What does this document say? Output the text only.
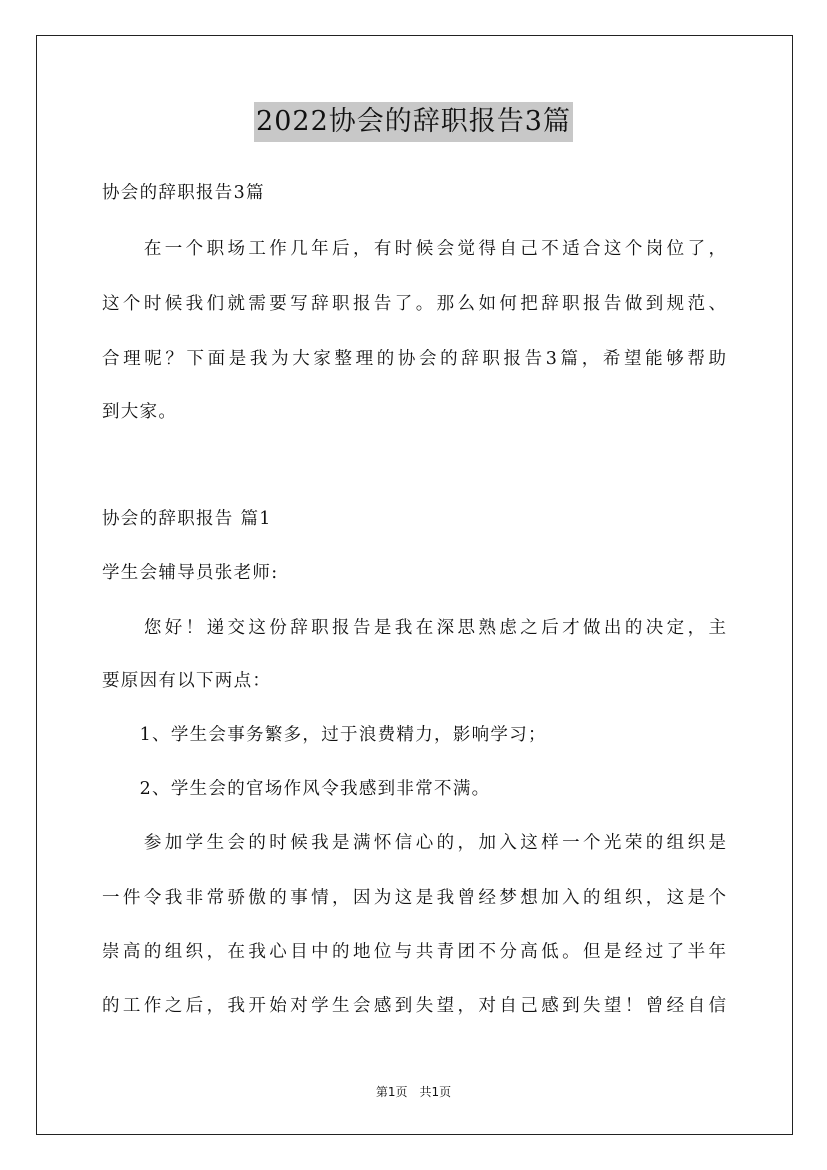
2022协会的辞职报告3篇
协会的辞职报告3篇
　　在一个职场工作几年后，有时候会觉得自己不适合这个岗位了，
这个时候我们就需要写辞职报告了。那么如何把辞职报告做到规范、
合理呢？下面是我为大家整理的协会的辞职报告3篇，希望能够帮助
到大家。
协会的辞职报告 篇1
学生会辅导员张老师:
　　您好！递交这份辞职报告是我在深思熟虑之后才做出的决定，主
要原因有以下两点：
　　1、学生会事务繁多，过于浪费精力，影响学习；
　　2、学生会的官场作风令我感到非常不满。
　　参加学生会的时候我是满怀信心的，加入这样一个光荣的组织是
一件令我非常骄傲的事情，因为这是我曾经梦想加入的组织，这是个
崇高的组织，在我心目中的地位与共青团不分高低。但是经过了半年
的工作之后，我开始对学生会感到失望，对自己感到失望！曾经自信
第1页　共1页
